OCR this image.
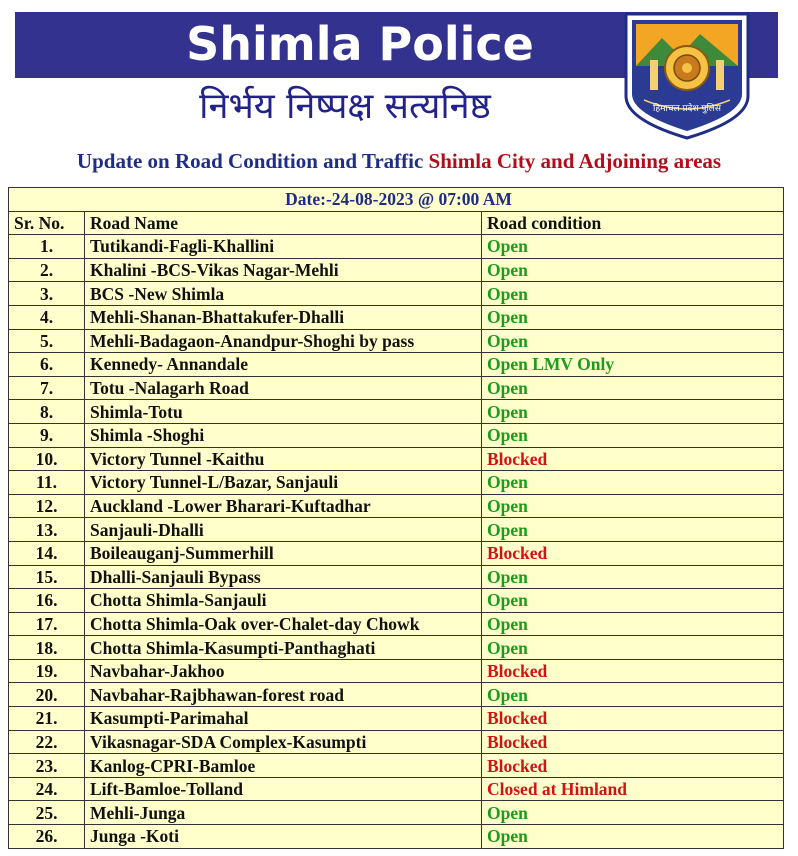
Shimla Police
निर्भय निष्पक्ष सत्यनिष्ठ	हिमाचल प्रदेश पुलिस
Update on Road Condition and Traffic Shimla City and Adjoining areas
Date:-24-08-2023 @ 07:00 AM		
Sr. No.	Road Name	Road condition
1.	Tutikandi-Fagli-Khallini	Open
2.	Khalini -BCS-Vikas Nagar-Mehli	Open
3.	BCS -New Shimla	Open
4.	Mehli-Shanan-Bhattakufer-Dhalli	Open
5.	Mehli-Badagaon-Anandpur-Shoghi by pass	Open
6.	Kennedy- Annandale	Open LMV Only
7.	Totu -Nalagarh Road	Open
8.	Shimla-Totu	Open
9.	Shimla -Shoghi	Open
10.	Victory Tunnel -Kaithu	Blocked
11.	Victory Tunnel-L/Bazar, Sanjauli	Open
12.	Auckland -Lower Bharari-Kuftadhar	Open
13.	Sanjauli-Dhalli	Open
14.	Boileauganj-Summerhill	Blocked
15.	Dhalli-Sanjauli Bypass	Open
16.	Chotta Shimla-Sanjauli	Open
17.	Chotta Shimla-Oak over-Chalet-day Chowk	Open
18.	Chotta Shimla-Kasumpti-Panthaghati	Open
19.	Navbahar-Jakhoo	Blocked
20.	Navbahar-Rajbhawan-forest road	Open
21.	Kasumpti-Parimahal	Blocked
22.	Vikasnagar-SDA Complex-Kasumpti	Blocked
23.	Kanlog-CPRI-Bamloe	Blocked
24.	Lift-Bamloe-Tolland	Closed at Himland
25.	Mehli-Junga	Open
26.	Junga -Koti	Open
